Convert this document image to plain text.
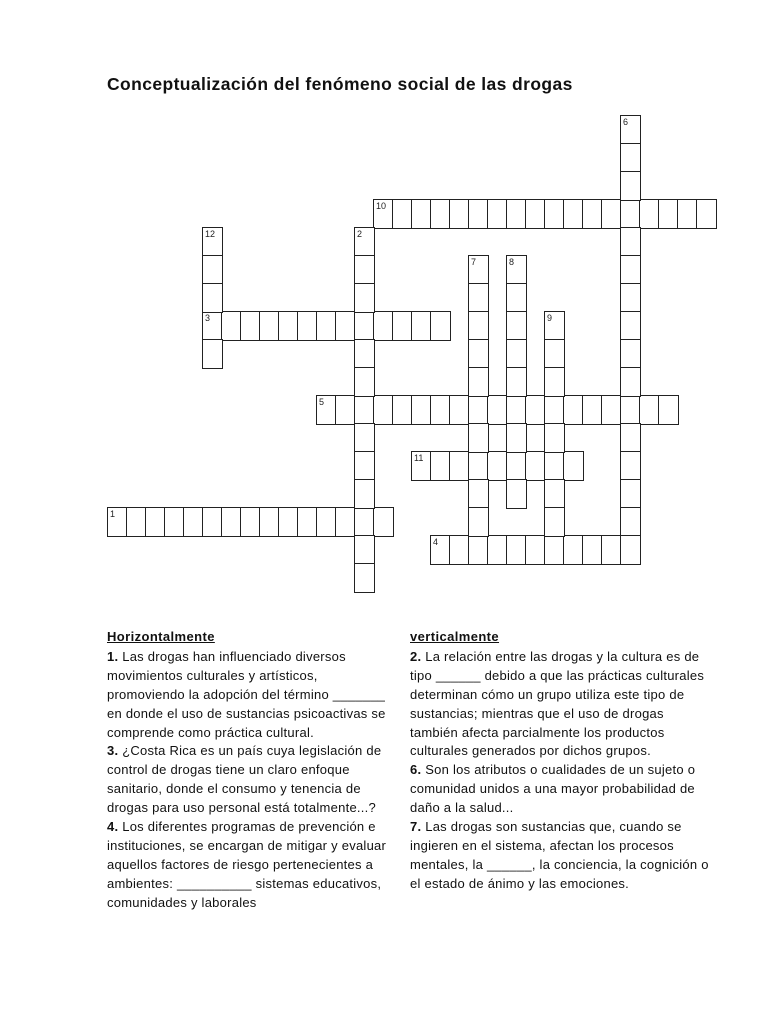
Conceptualización del fenómeno social de las drogas
1
3
4
5
10
11
2
6
7	8
9
12
Horizontalmente

1. Las drogas han influenciado diversos movimientos culturales y artísticos, promoviendo la adopción del término _______ en donde el uso de sustancias psicoactivas se comprende como práctica cultural.

3. ¿Costa Rica es un país cuya legislación de control de drogas tiene un claro enfoque sanitario, donde el consumo y tenencia de drogas para uso personal está totalmente...?

4. Los diferentes programas de prevención e instituciones, se encargan de mitigar y evaluar aquellos factores de riesgo pertenecientes a ambientes: __________ sistemas educativos, comunidades y laborales

verticalmente

2. La relación entre las drogas y la cultura es de tipo ______ debido a que las prácticas culturales determinan cómo un grupo utiliza este tipo de sustancias; mientras que el uso de drogas también afecta parcialmente los productos culturales generados por dichos grupos.

6. Son los atributos o cualidades de un sujeto o comunidad unidos a una mayor probabilidad de daño a la salud...

7. Las drogas son sustancias que, cuando se ingieren en el sistema, afectan los procesos mentales, la ______, la conciencia, la cognición o el estado de ánimo y las emociones.
